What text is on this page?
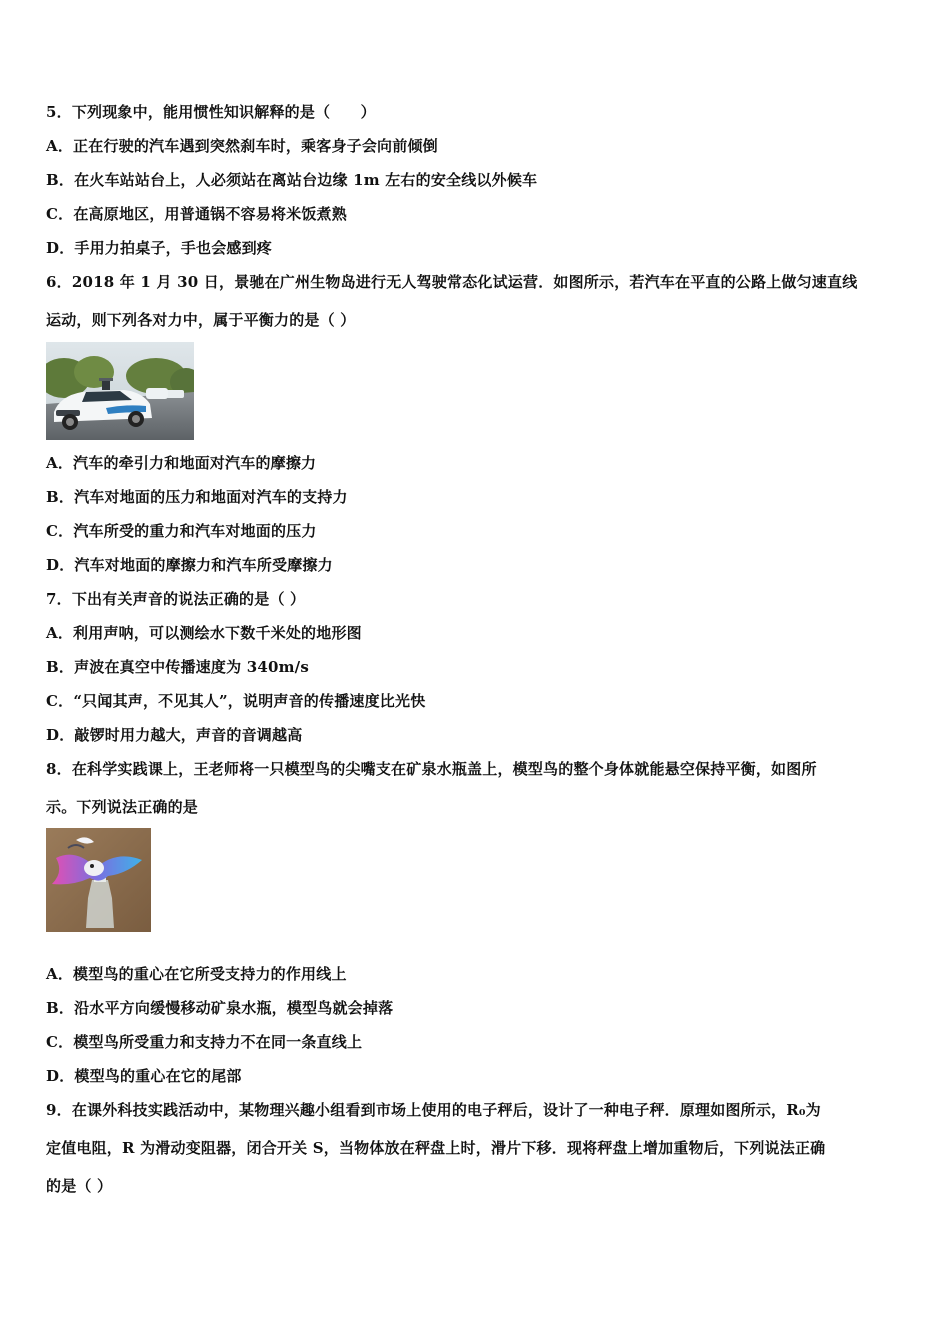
5．下列现象中，能用惯性知识解释的是（　　）
A．正在行驶的汽车遇到突然刹车时，乘客身子会向前倾倒
B．在火车站站台上，人必须站在离站台边缘 1m 左右的安全线以外候车
C．在高原地区，用普通锅不容易将米饭煮熟
D．手用力拍桌子，手也会感到疼
6．2018 年 1 月 30 日，景驰在广州生物岛进行无人驾驶常态化试运营．如图所示，若汽车在平直的公路上做匀速直线
运动，则下列各对力中，属于平衡力的是（ ）
A．汽车的牵引力和地面对汽车的摩擦力
B．汽车对地面的压力和地面对汽车的支持力
C．汽车所受的重力和汽车对地面的压力
D．汽车对地面的摩擦力和汽车所受摩擦力
7．下出有关声音的说法正确的是（ ）
A．利用声呐，可以测绘水下数千米处的地形图
B．声波在真空中传播速度为 340m/s
C．“只闻其声，不见其人”，说明声音的传播速度比光快
D．敲锣时用力越大，声音的音调越高
8．在科学实践课上，王老师将一只模型鸟的尖嘴支在矿泉水瓶盖上，模型鸟的整个身体就能悬空保持平衡，如图所
示。下列说法正确的是
A．模型鸟的重心在它所受支持力的作用线上
B．沿水平方向缓慢移动矿泉水瓶，模型鸟就会掉落
C．模型鸟所受重力和支持力不在同一条直线上
D．模型鸟的重心在它的尾部
9．在课外科技实践活动中，某物理兴趣小组看到市场上使用的电子秤后，设计了一种电子秤．原理如图所示，R₀为
定值电阻，R 为滑动变阻器，闭合开关 S，当物体放在秤盘上时，滑片下移．现将秤盘上增加重物后，下列说法正确
的是（ ）
